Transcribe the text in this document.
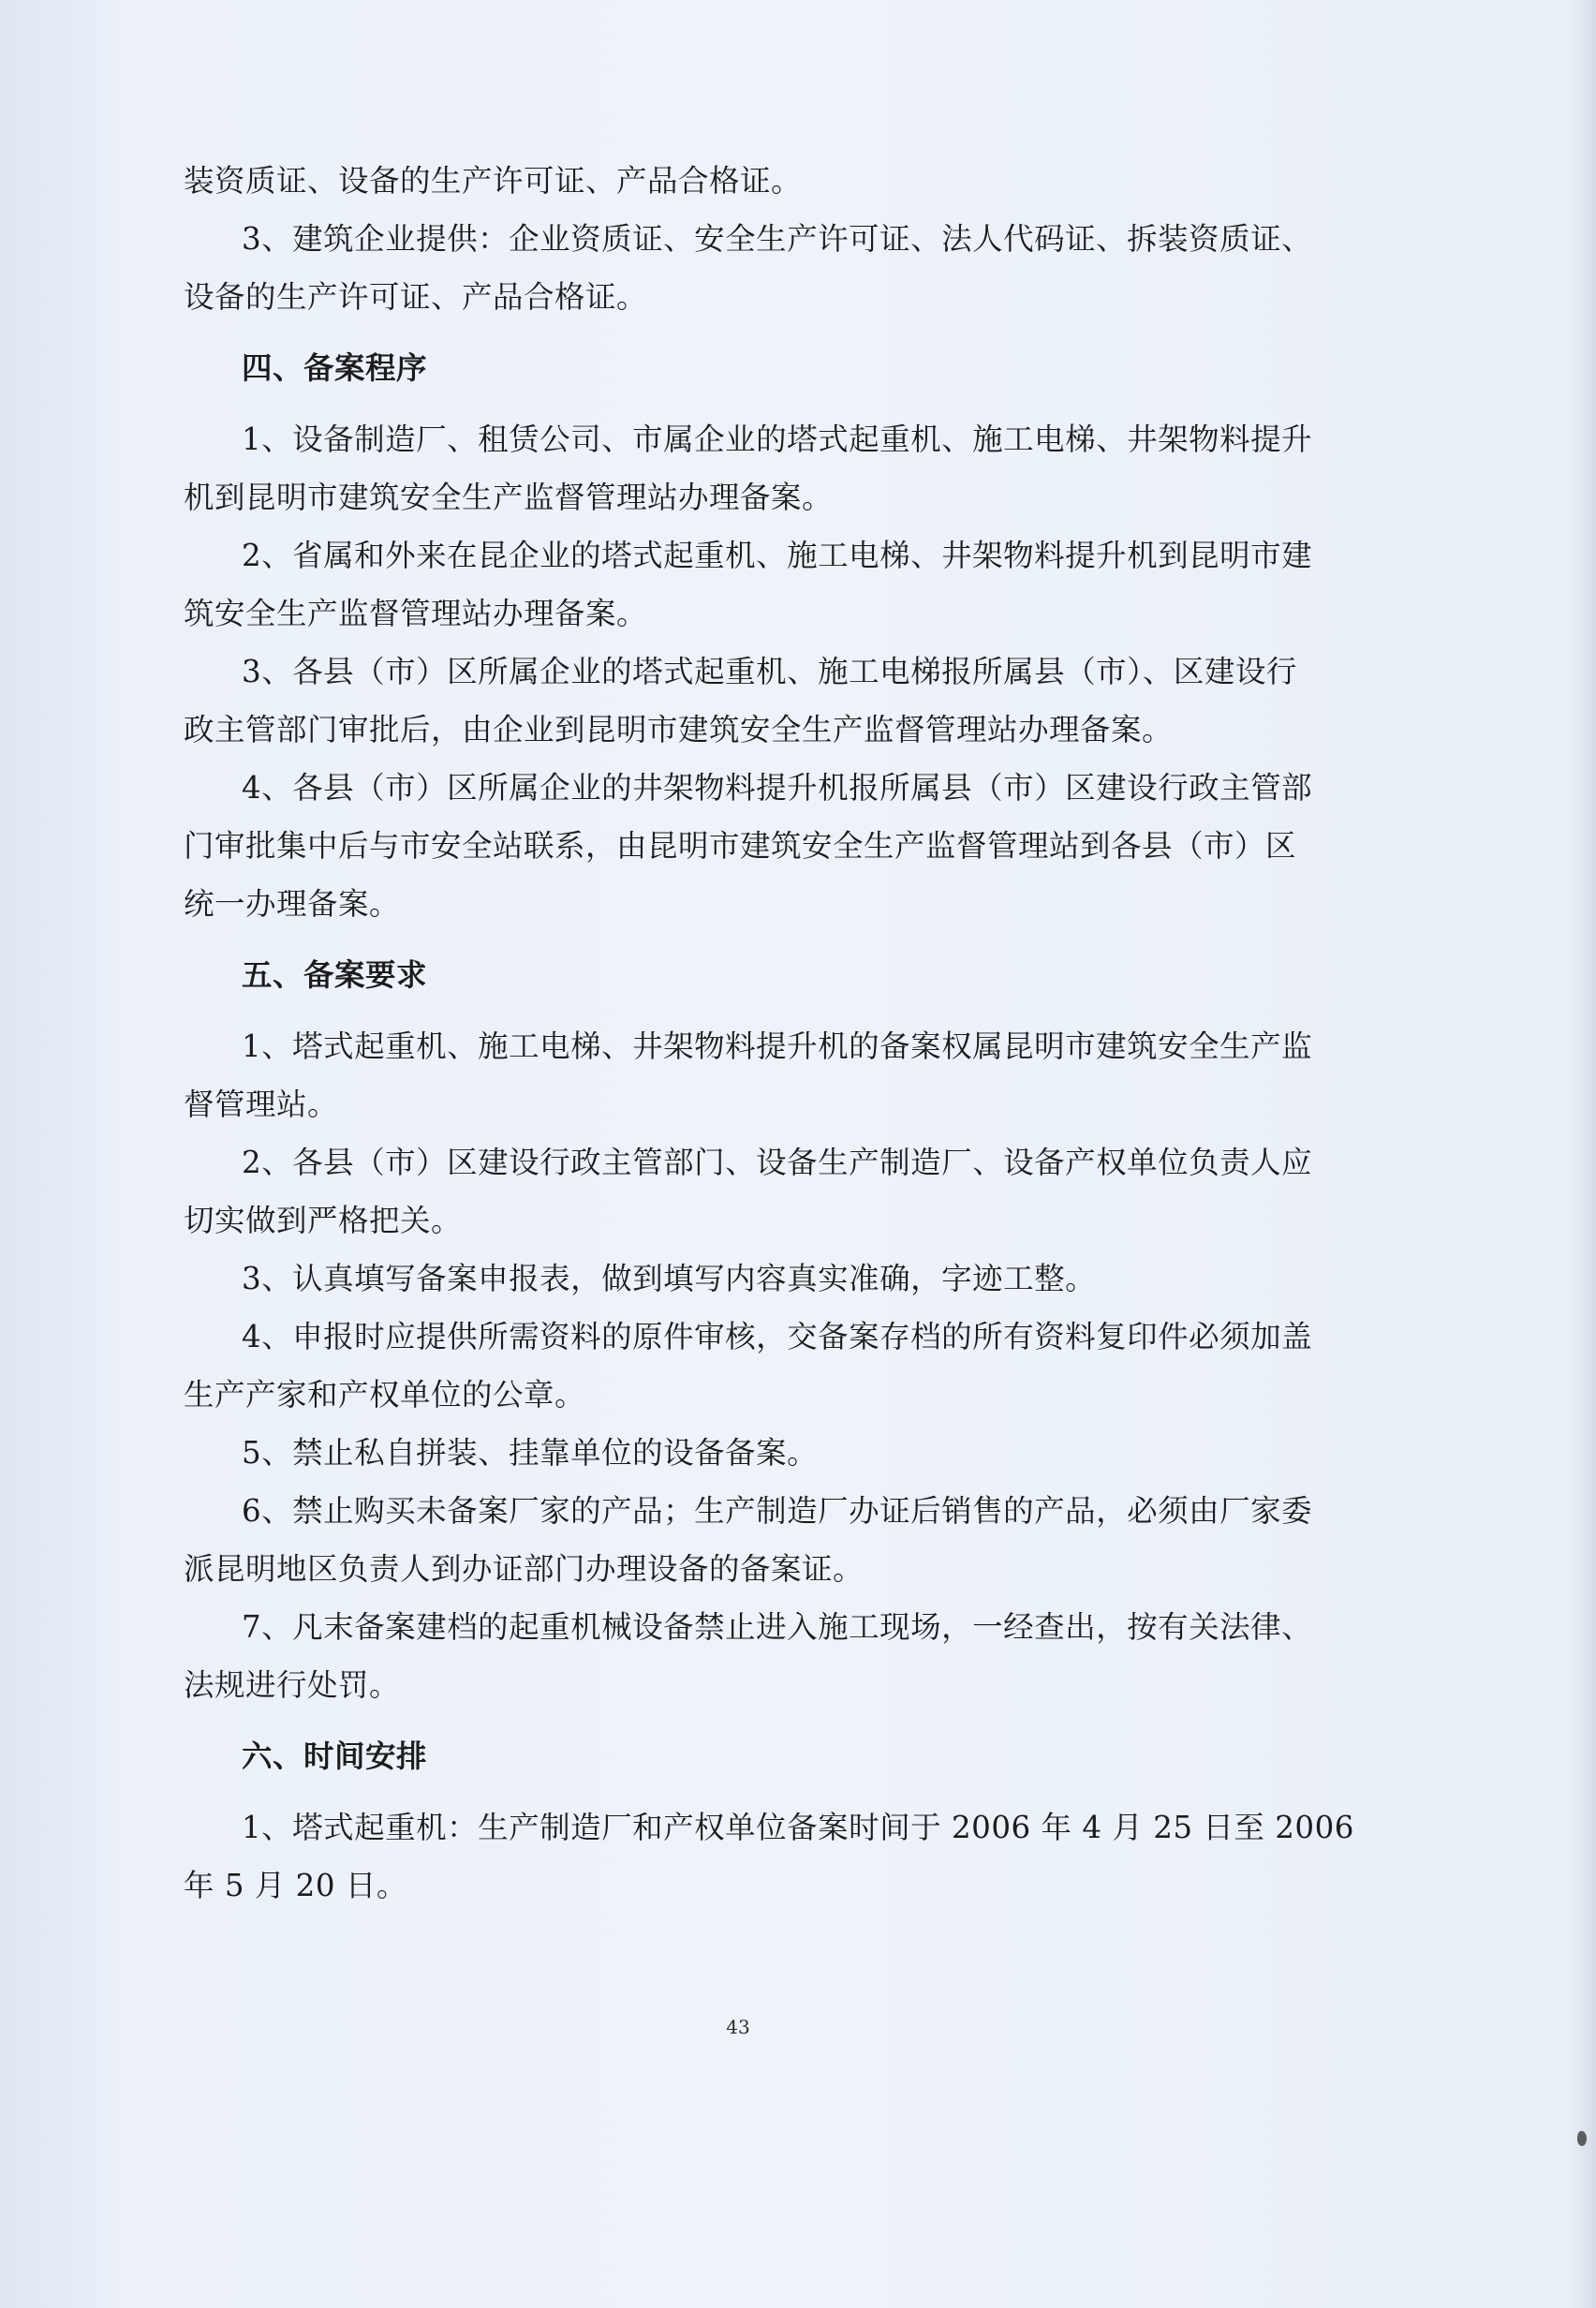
装资质证、设备的生产许可证、产品合格证。
3、建筑企业提供：企业资质证、安全生产许可证、法人代码证、拆装资质证、
设备的生产许可证、产品合格证。
四、备案程序
1、设备制造厂、租赁公司、市属企业的塔式起重机、施工电梯、井架物料提升
机到昆明市建筑安全生产监督管理站办理备案。
2、省属和外来在昆企业的塔式起重机、施工电梯、井架物料提升机到昆明市建
筑安全生产监督管理站办理备案。
3、各县（市）区所属企业的塔式起重机、施工电梯报所属县（市）、区建设行
政主管部门审批后，由企业到昆明市建筑安全生产监督管理站办理备案。
4、各县（市）区所属企业的井架物料提升机报所属县（市）区建设行政主管部
门审批集中后与市安全站联系，由昆明市建筑安全生产监督管理站到各县（市）区
统一办理备案。
五、备案要求
1、塔式起重机、施工电梯、井架物料提升机的备案权属昆明市建筑安全生产监
督管理站。
2、各县（市）区建设行政主管部门、设备生产制造厂、设备产权单位负责人应
切实做到严格把关。
3、认真填写备案申报表，做到填写内容真实准确，字迹工整。
4、申报时应提供所需资料的原件审核，交备案存档的所有资料复印件必须加盖
生产产家和产权单位的公章。
5、禁止私自拼装、挂靠单位的设备备案。
6、禁止购买未备案厂家的产品；生产制造厂办证后销售的产品，必须由厂家委
派昆明地区负责人到办证部门办理设备的备案证。
7、凡末备案建档的起重机械设备禁止进入施工现场，一经查出，按有关法律、
法规进行处罚。
六、时间安排
1、塔式起重机：生产制造厂和产权单位备案时间于 2006 年 4 月 25 日至 2006
年 5 月 20 日。
43
